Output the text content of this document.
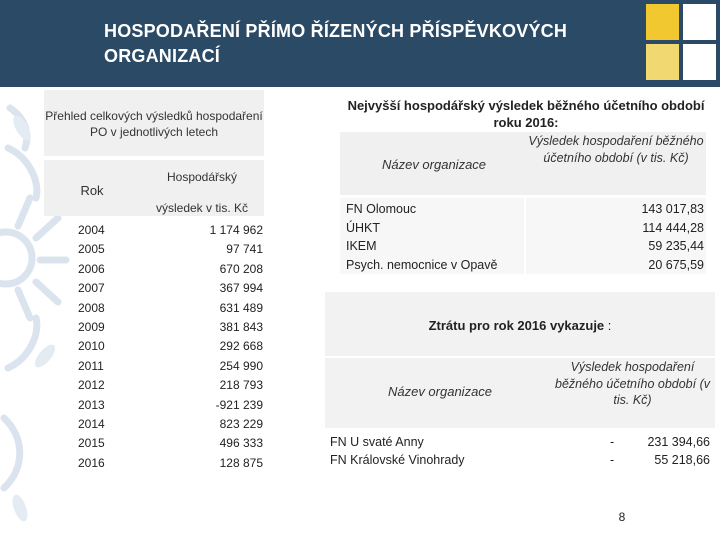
HOSPODAŘENÍ PŘÍMO ŘÍZENÝCH PŘÍSPĚVKOVÝCH ORGANIZACÍ
Přehled celkových výsledků hospodaření PO v jednotlivých letech
Rok
Hospodářský
výsledek v tis. Kč
2004	1 174 962
2005	97 741
2006	670 208
2007	367 994
2008	631 489
2009	381 843
2010	292 668
2011	254 990
2012	218 793
2013	-921 239
2014	823 229
2015	496 333
2016	128 875
Nejvyšší hospodářský výsledek běžného účetního období roku 2016:
Název organizace
Výsledek hospodaření běžného účetního období (v tis. Kč)
FN Olomouc	143 017,83
ÚHKT	114 444,28
IKEM	59 235,44
Psych. nemocnice v Opavě	20 675,59
Ztrátu pro rok 2016 vykazuje :
Název organizace
Výsledek hospodaření běžného účetního období (v tis. Kč)
FN U svaté Anny	-	231 394,66
FN Královské Vinohrady	-	55 218,66
8
